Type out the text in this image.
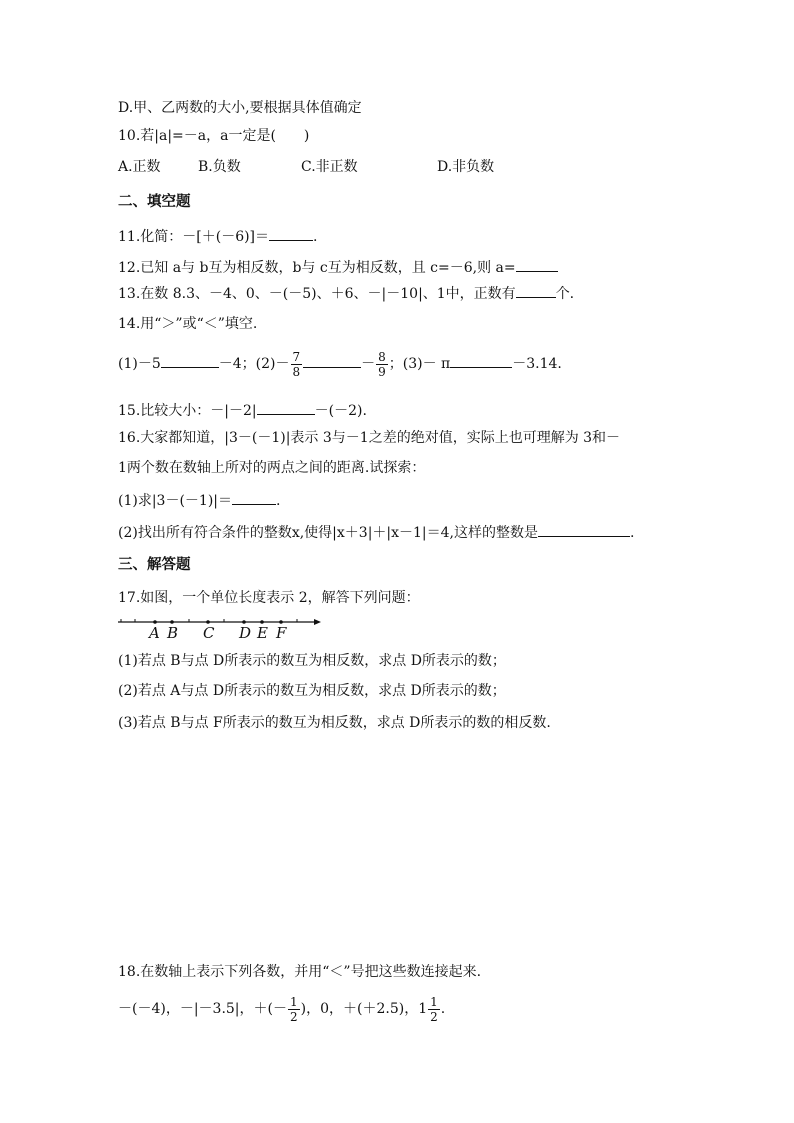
D.甲、乙两数的大小,要根据具体值确定
10.若|a|=－a，a一定是(　　)
A.正数	B.负数	C.非正数	D.非负数
二、填空题
11.化简：－[＋(－6)]＝	.
12.已知 a与 b互为相反数，b与 c互为相反数，且 c=－6,则 a=
13.在数 8.3、－4、0、－(－5)、＋6、－|－10|、1中，正数有	个.
14.用“＞”或“＜”填空.
(1)－5	－4；$(2)- \frac{7}{8}$	－ $\frac{8}{9}$ ；(3)－ π	－3.14.
15.比较大小：－|－2|	－(－2).
16.大家都知道，|3－(－1)|表示 3与－1之差的绝对值，实际上也可理解为 3和－
1两个数在数轴上所对的两点之间的距离.试探索：
(1)求|3－(－1)|＝	.
(2)找出所有符合条件的整数x,使得|x＋3|＋|x－1|＝4,这样的整数是	.
三、解答题
17.如图，一个单位长度表示 2，解答下列问题：
A B C D E F
(1)若点 B与点 D所表示的数互为相反数，求点 D所表示的数；
(2)若点 A与点 D所表示的数互为相反数，求点 D所表示的数；
(3)若点 B与点 F所表示的数互为相反数，求点 D所表示的数的相反数.
18.在数轴上表示下列各数，并用“＜”号把这些数连接起来.
－(－4)，－|－3.5|，＋(－ $\frac{1}{2}$ )，0，＋(＋2.5)，$1 \frac{1}{2}$ .
